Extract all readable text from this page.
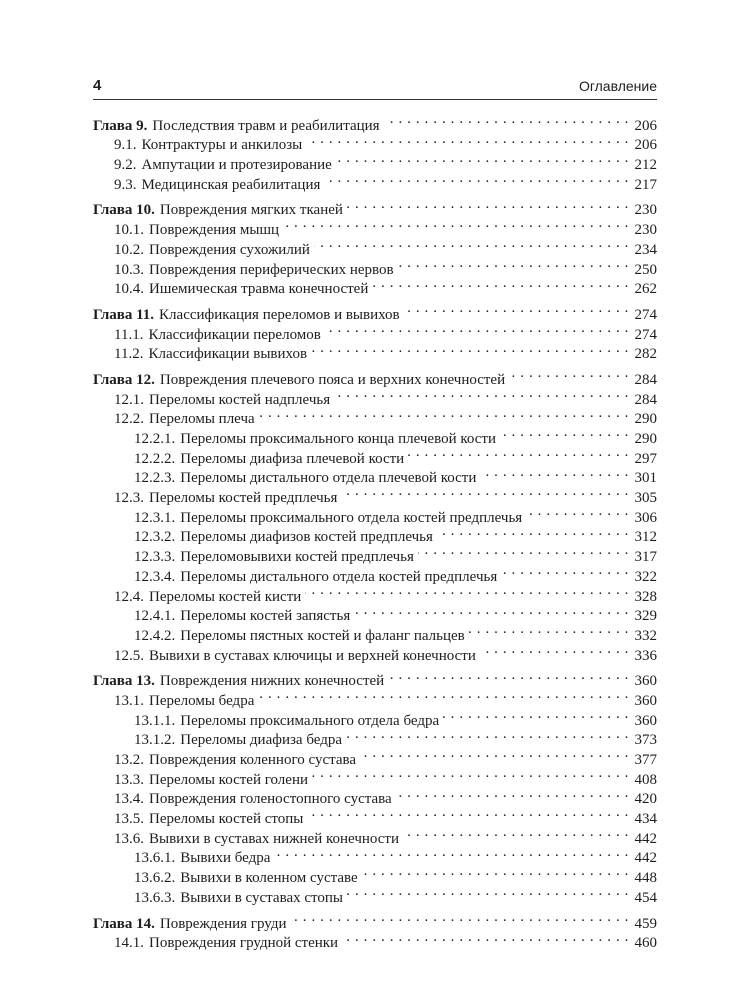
4	Оглавление
Глава 9. Последствия травм и реабилитация . . .	206
9.1. Контрактуры и анкилозы . . .	206
9.2. Ампутации и протезирование . . .	212
9.3. Медицинская реабилитация . . .	217
Глава 10. Повреждения мягких тканей . . .	230
10.1. Повреждения мышц . . .	230
10.2. Повреждения сухожилий . . .	234
10.3. Повреждения периферических нервов . . .	250
10.4. Ишемическая травма конечностей . . .	262
Глава 11. Классификация переломов и вывихов . . .	274
11.1. Классификации переломов . . .	274
11.2. Классификации вывихов . . .	282
Глава 12. Повреждения плечевого пояса и верхних конечностей . . .	284
12.1. Переломы костей надплечья . . .	284
12.2. Переломы плеча . . .	290
12.2.1. Переломы проксимального конца плечевой кости . . .	290
12.2.2. Переломы диафиза плечевой кости . . .	297
12.2.3. Переломы дистального отдела плечевой кости . . .	301
12.3. Переломы костей предплечья . . .	305
12.3.1. Переломы проксимального отдела костей предплечья . . .	306
12.3.2. Переломы диафизов костей предплечья . . .	312
12.3.3. Переломовывихи костей предплечья . . .	317
12.3.4. Переломы дистального отдела костей предплечья . . .	322
12.4. Переломы костей кисти . . .	328
12.4.1. Переломы костей запястья . . .	329
12.4.2. Переломы пястных костей и фаланг пальцев . . .	332
12.5. Вывихи в суставах ключицы и верхней конечности . . .	336
Глава 13. Повреждения нижних конечностей . . .	360
13.1. Переломы бедра . . .	360
13.1.1. Переломы проксимального отдела бедра . . .	360
13.1.2. Переломы диафиза бедра . . .	373
13.2. Повреждения коленного сустава . . .	377
13.3. Переломы костей голени . . .	408
13.4. Повреждения голеностопного сустава . . .	420
13.5. Переломы костей стопы . . .	434
13.6. Вывихи в суставах нижней конечности . . .	442
13.6.1. Вывихи бедра . . .	442
13.6.2. Вывихи в коленном суставе . . .	448
13.6.3. Вывихи в суставах стопы . . .	454
Глава 14. Повреждения груди . . .	459
14.1. Повреждения грудной стенки . . .	460
